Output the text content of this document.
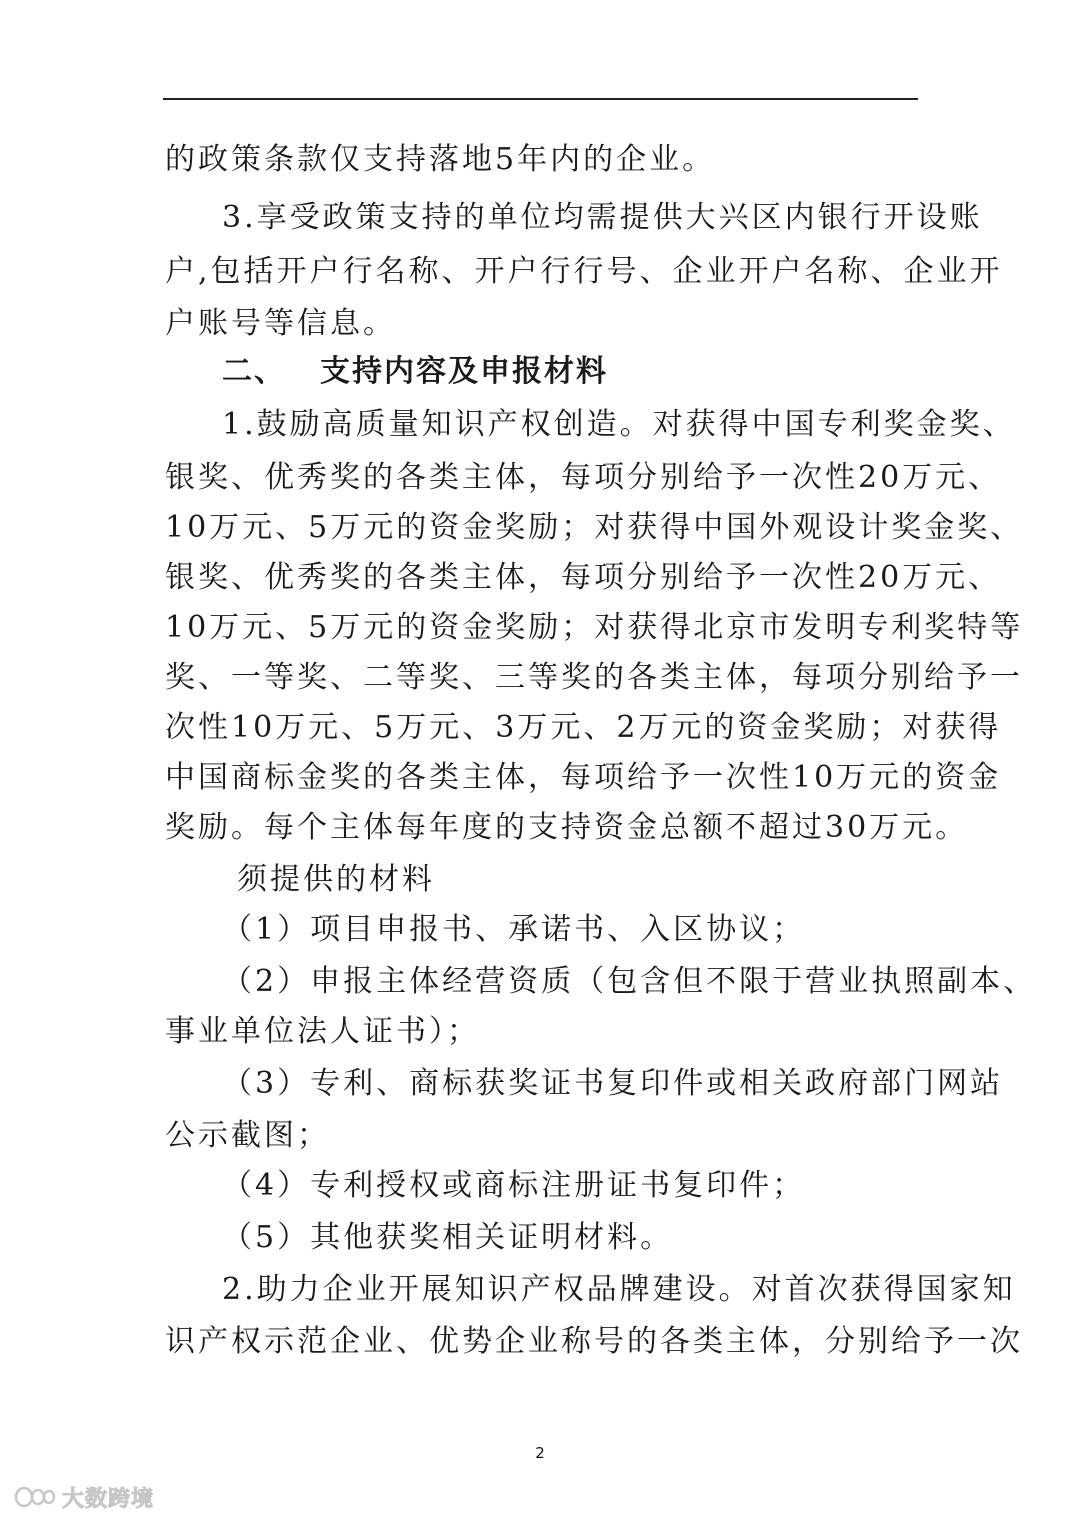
的政策条款仅支持落地5年内的企业。
3.享受政策支持的单位均需提供大兴区内银行开设账
户,包括开户行名称、开户行行号、企业开户名称、企业开
户账号等信息。
二、 支持内容及申报材料
1.鼓励高质量知识产权创造。对获得中国专利奖金奖、
银奖、优秀奖的各类主体，每项分别给予一次性20万元、
10万元、5万元的资金奖励；对获得中国外观设计奖金奖、
银奖、优秀奖的各类主体，每项分别给予一次性20万元、
10万元、5万元的资金奖励；对获得北京市发明专利奖特等
奖、一等奖、二等奖、三等奖的各类主体，每项分别给予一
次性10万元、5万元、3万元、2万元的资金奖励；对获得
中国商标金奖的各类主体，每项给予一次性10万元的资金
奖励。每个主体每年度的支持资金总额不超过30万元。
须提供的材料
（1）项目申报书、承诺书、入区协议；
（2）申报主体经营资质（包含但不限于营业执照副本、
事业单位法人证书）；
（3）专利、商标获奖证书复印件或相关政府部门网站
公示截图；
（4）专利授权或商标注册证书复印件；
（5）其他获奖相关证明材料。
2.助力企业开展知识产权品牌建设。对首次获得国家知
识产权示范企业、优势企业称号的各类主体，分别给予一次
2
大数跨境
